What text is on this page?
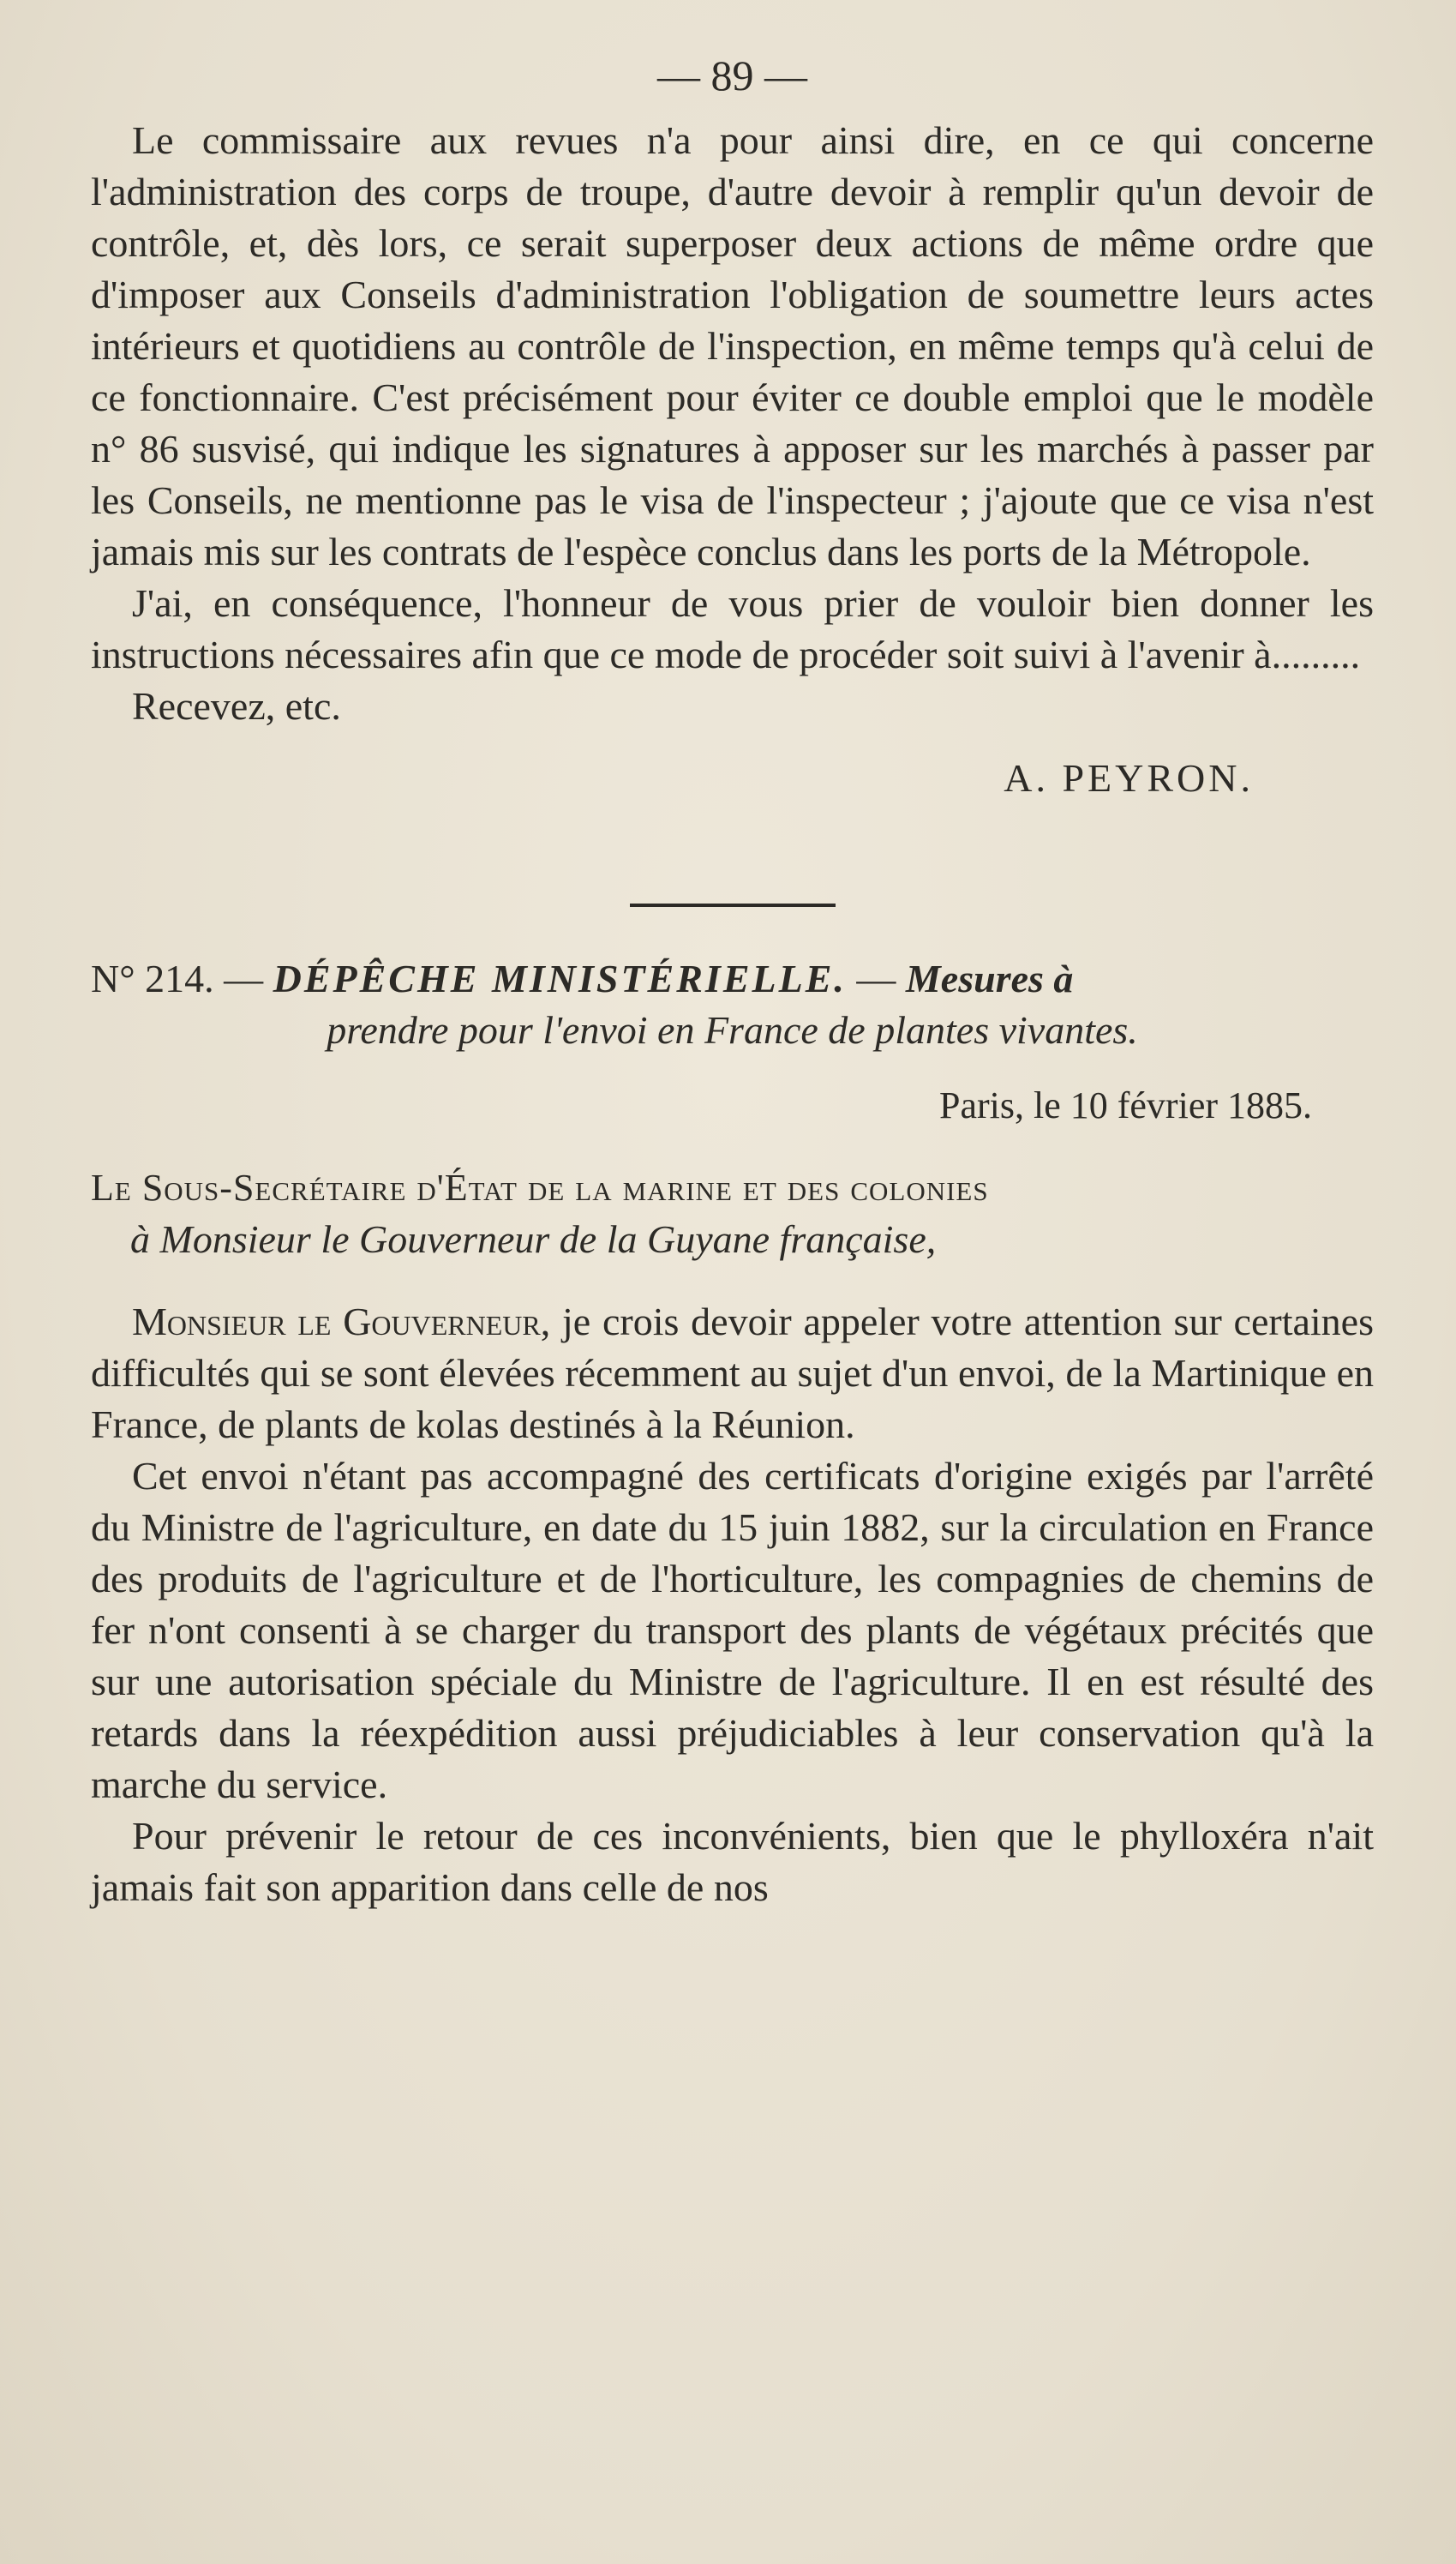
— 89 —

Le commissaire aux revues n'a pour ainsi dire, en ce qui concerne l'administration des corps de troupe, d'autre devoir à remplir qu'un devoir de contrôle, et, dès lors, ce serait superposer deux actions de même ordre que d'imposer aux Conseils d'administration l'obligation de soumettre leurs actes intérieurs et quotidiens au contrôle de l'inspection, en même temps qu'à celui de ce fonctionnaire. C'est précisément pour éviter ce double emploi que le modèle n° 86 susvisé, qui indique les signatures à apposer sur les marchés à passer par les Conseils, ne mentionne pas le visa de l'inspecteur ; j'ajoute que ce visa n'est jamais mis sur les contrats de l'espèce conclus dans les ports de la Métropole.

J'ai, en conséquence, l'honneur de vous prier de vouloir bien donner les instructions nécessaires afin que ce mode de procéder soit suivi à l'avenir à.........

Recevez, etc.

A. PEYRON.
N° 214. — DÉPÊCHE MINISTÉRIELLE. — Mesures à
prendre pour l'envoi en France de plantes vivantes.
Paris, le 10 février 1885.
Le Sous-Secrétaire d'État de la marine et des colonies
à Monsieur le Gouverneur de la Guyane française,

Monsieur le Gouverneur, je crois devoir appeler votre attention sur certaines difficultés qui se sont élevées récemment au sujet d'un envoi, de la Martinique en France, de plants de kolas destinés à la Réunion.

Cet envoi n'étant pas accompagné des certificats d'origine exigés par l'arrêté du Ministre de l'agriculture, en date du 15 juin 1882, sur la circulation en France des produits de l'agriculture et de l'horticulture, les compagnies de chemins de fer n'ont consenti à se charger du transport des plants de végétaux précités que sur une autorisation spéciale du Ministre de l'agriculture. Il en est résulté des retards dans la réexpédition aussi préjudiciables à leur conservation qu'à la marche du service.

Pour prévenir le retour de ces inconvénients, bien que le phylloxéra n'ait jamais fait son apparition dans celle de nos
